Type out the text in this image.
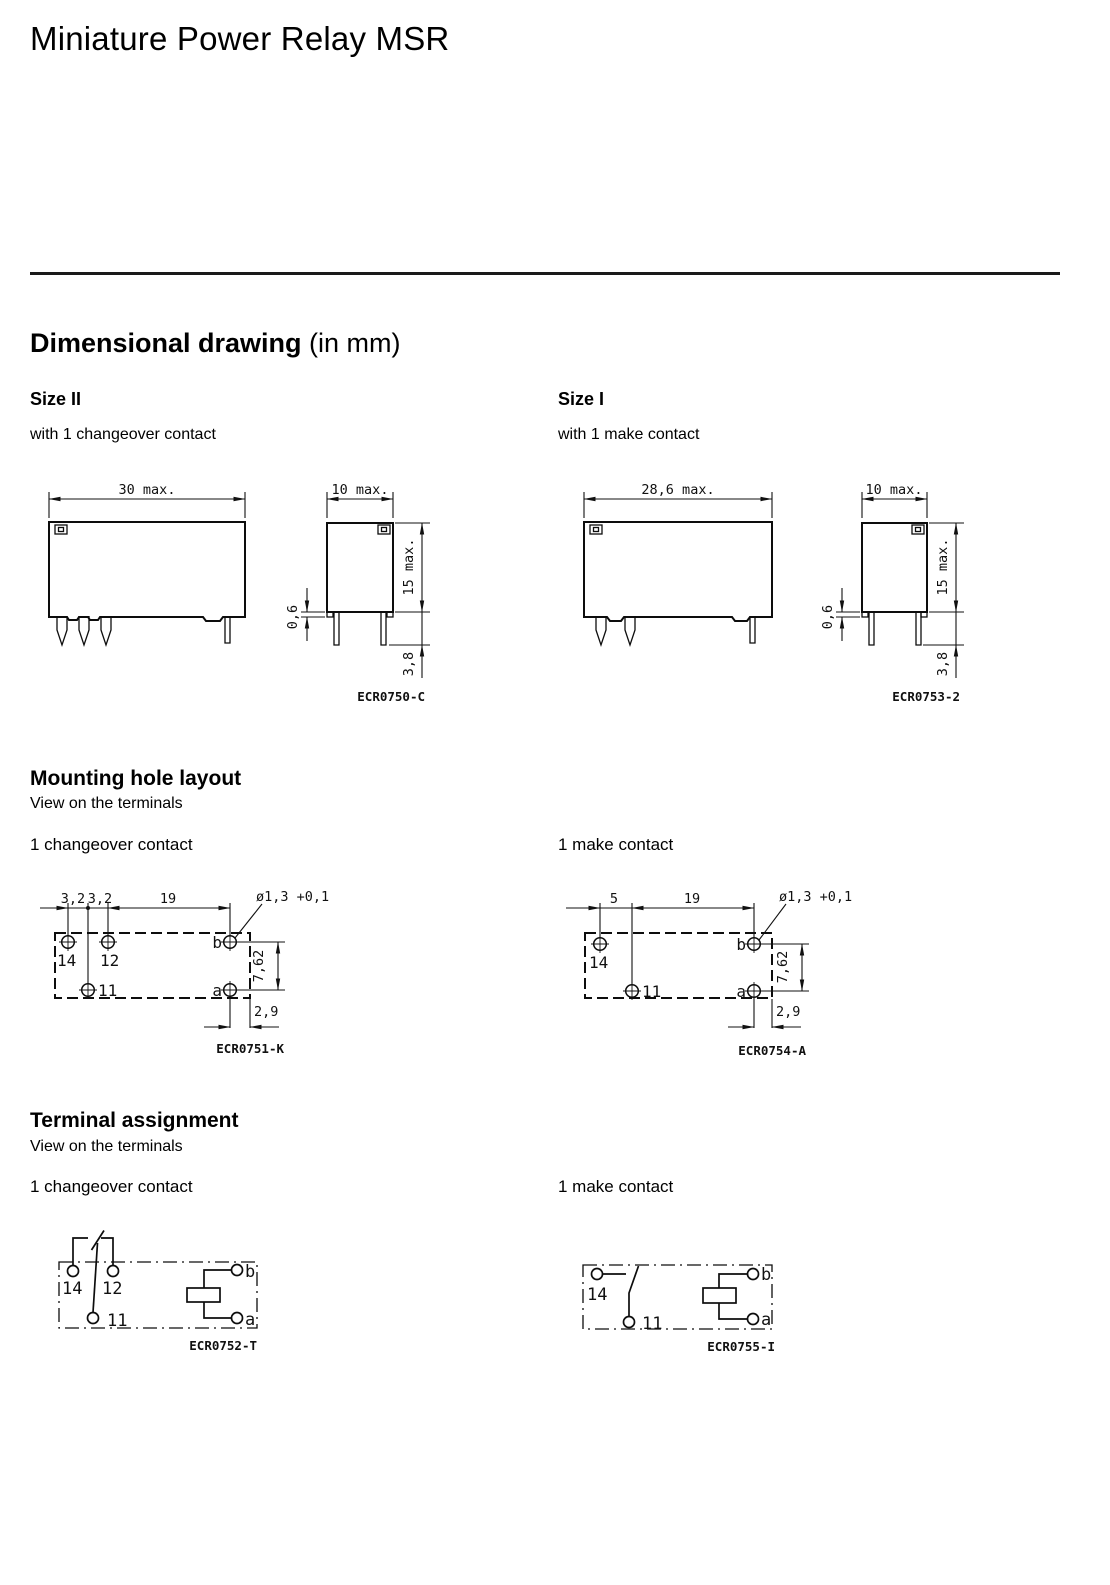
Miniature Power Relay MSR
Dimensional drawing (in mm)
Size II	Size I
with 1 changeover contact	with 1 make contact
30 max.	10 max.
0,6
15 max.
3,8
ECR0750-C
28,6 max.	10 max.
0,6
15 max.
3,8
ECR0753-2
Mounting hole layout
View on the terminals
1 changeover contact	1 make contact
3,2 3,2	19	ø1,3 +0,1
14 12
11
b
a
7,62
2,9
ECR0751-K
5	19	ø1,3 +0,1
14
11
b
a
7,62
2,9
ECR0754-A
Terminal assignment
View on the terminals
1 changeover contact	1 make contact
14 12
11
b
a
ECR0752-T
14
11
b
a
ECR0755-I
